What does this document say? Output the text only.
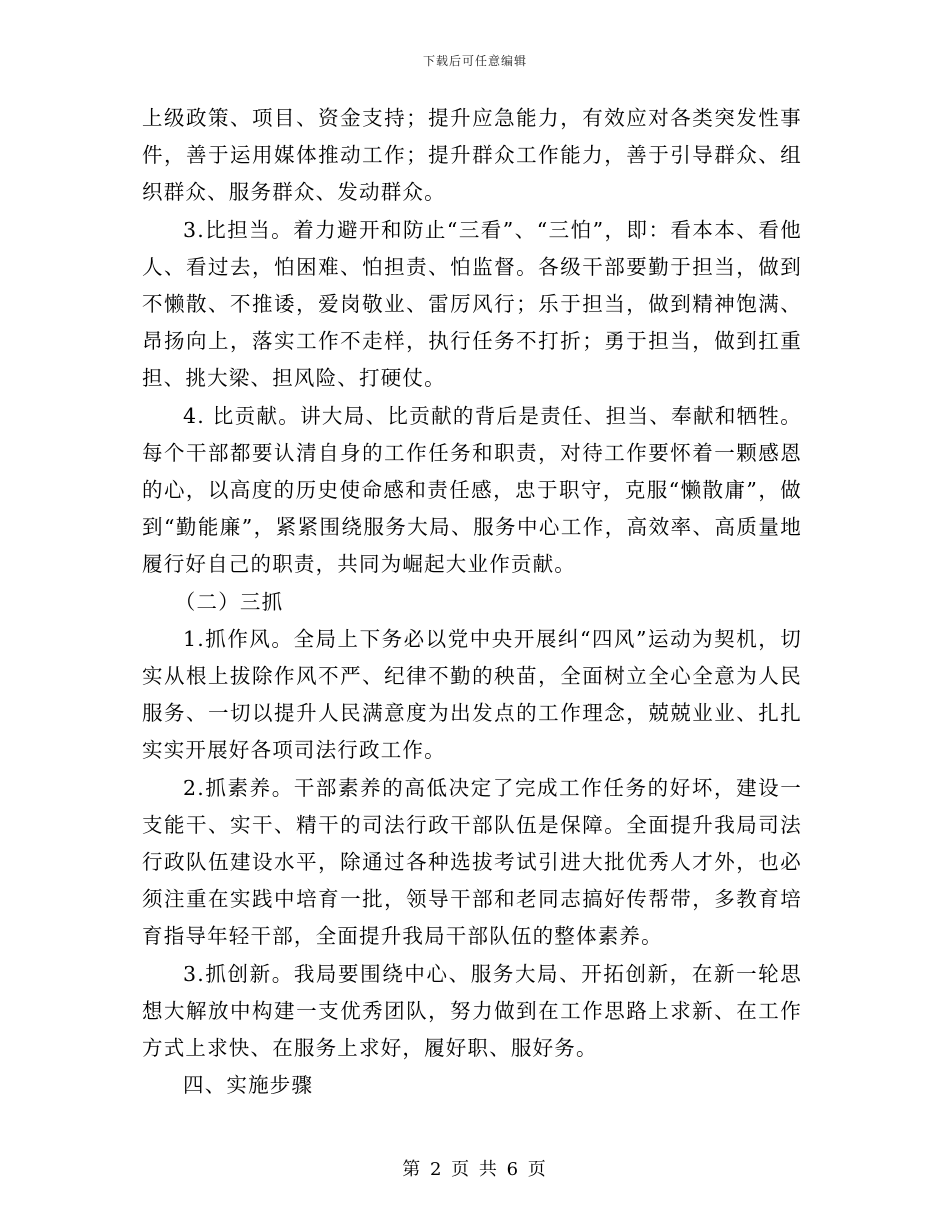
下载后可任意编辑

上级政策、项目、资金支持；提升应急能力，有效应对各类突发性事件，善于运用媒体推动工作；提升群众工作能力，善于引导群众、组织群众、服务群众、发动群众。

3.比担当。着力避开和防止“三看”、“三怕”，即：看本本、看他人、看过去，怕困难、怕担责、怕监督。各级干部要勤于担当，做到不懒散、不推诿，爱岗敬业、雷厉风行；乐于担当，做到精神饱满、昂扬向上，落实工作不走样，执行任务不打折；勇于担当，做到扛重担、挑大梁、担风险、打硬仗。

4. 比贡献。讲大局、比贡献的背后是责任、担当、奉献和牺牲。每个干部都要认清自身的工作任务和职责，对待工作要怀着一颗感恩的心，以高度的历史使命感和责任感，忠于职守，克服“懒散庸”，做到“勤能廉”，紧紧围绕服务大局、服务中心工作，高效率、高质量地履行好自己的职责，共同为崛起大业作贡献。

（二）三抓

1.抓作风。全局上下务必以党中央开展纠“四风”运动为契机，切实从根上拔除作风不严、纪律不勤的秧苗，全面树立全心全意为人民服务、一切以提升人民满意度为出发点的工作理念，兢兢业业、扎扎实实开展好各项司法行政工作。

2.抓素养。干部素养的高低决定了完成工作任务的好坏，建设一支能干、实干、精干的司法行政干部队伍是保障。全面提升我局司法行政队伍建设水平，除通过各种选拔考试引进大批优秀人才外，也必须注重在实践中培育一批，领导干部和老同志搞好传帮带，多教育培育指导年轻干部，全面提升我局干部队伍的整体素养。

3.抓创新。我局要围绕中心、服务大局、开拓创新，在新一轮思想大解放中构建一支优秀团队，努力做到在工作思路上求新、在工作方式上求快、在服务上求好，履好职、服好务。

四、实施步骤

第 2 页 共 6 页
